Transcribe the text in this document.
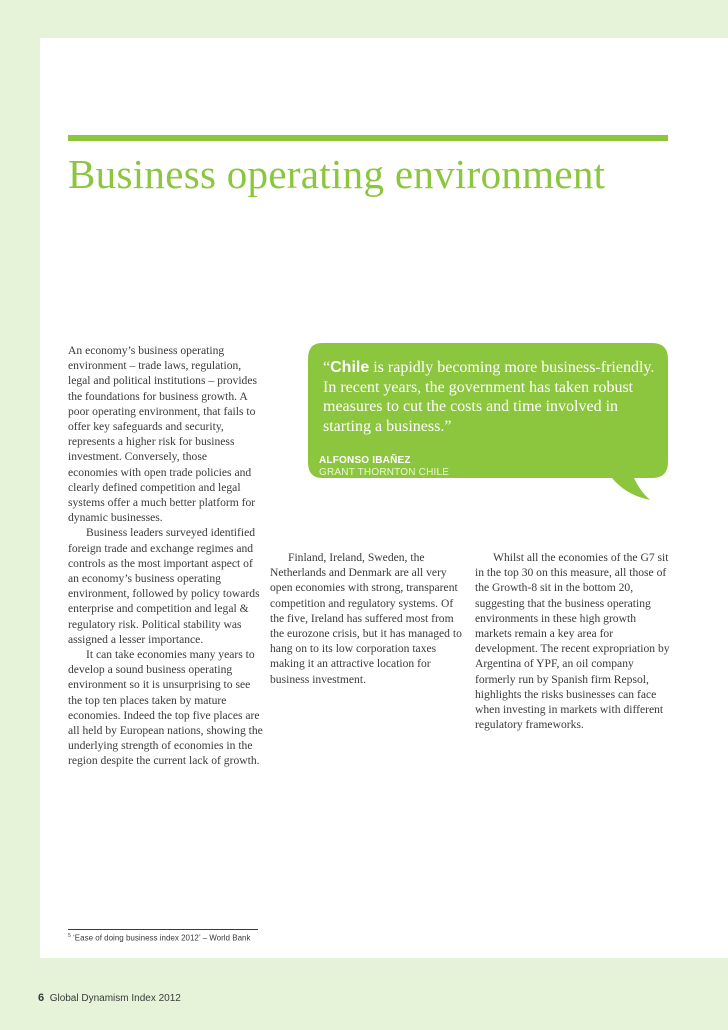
Business operating environment

An economy’s business operating environment – trade laws, regulation, legal and political institutions – provides the foundations for business growth. A poor operating environment, that fails to offer key safeguards and security, represents a higher risk for business investment. Conversely, those economies with open trade policies and clearly defined competition and legal systems offer a much better platform for dynamic businesses.

Business leaders surveyed identified foreign trade and exchange regimes and controls as the most important aspect of an economy’s business operating environment, followed by policy towards enterprise and competition and legal & regulatory risk. Political stability was assigned a lesser importance.

It can take economies many years to develop a sound business operating environment so it is unsurprising to see the top ten places taken by mature economies. Indeed the top five places are all held by European nations, showing the underlying strength of economies in the region despite the current lack of growth.

“Chile is rapidly becoming more business-friendly. In recent years, the government has taken robust measures to cut the costs and time involved in starting a business.”

ALFONSO IBAÑEZ
GRANT THORNTON CHILE

Finland, Ireland, Sweden, the Netherlands and Denmark are all very open economies with strong, transparent competition and regulatory systems. Of the five, Ireland has suffered most from the eurozone crisis, but it has managed to hang on to its low corporation taxes making it an attractive location for business investment.

Whilst all the economies of the G7 sit in the top 30 on this measure, all those of the Growth-8 sit in the bottom 20, suggesting that the business operating environments in these high growth markets remain a key area for development. The recent expropriation by Argentina of YPF, an oil company formerly run by Spanish firm Repsol, highlights the risks businesses can face when investing in markets with different regulatory frameworks.

$^5$ ‘Ease of doing business index 2012’ – World Bank
6 Global Dynamism Index 2012
